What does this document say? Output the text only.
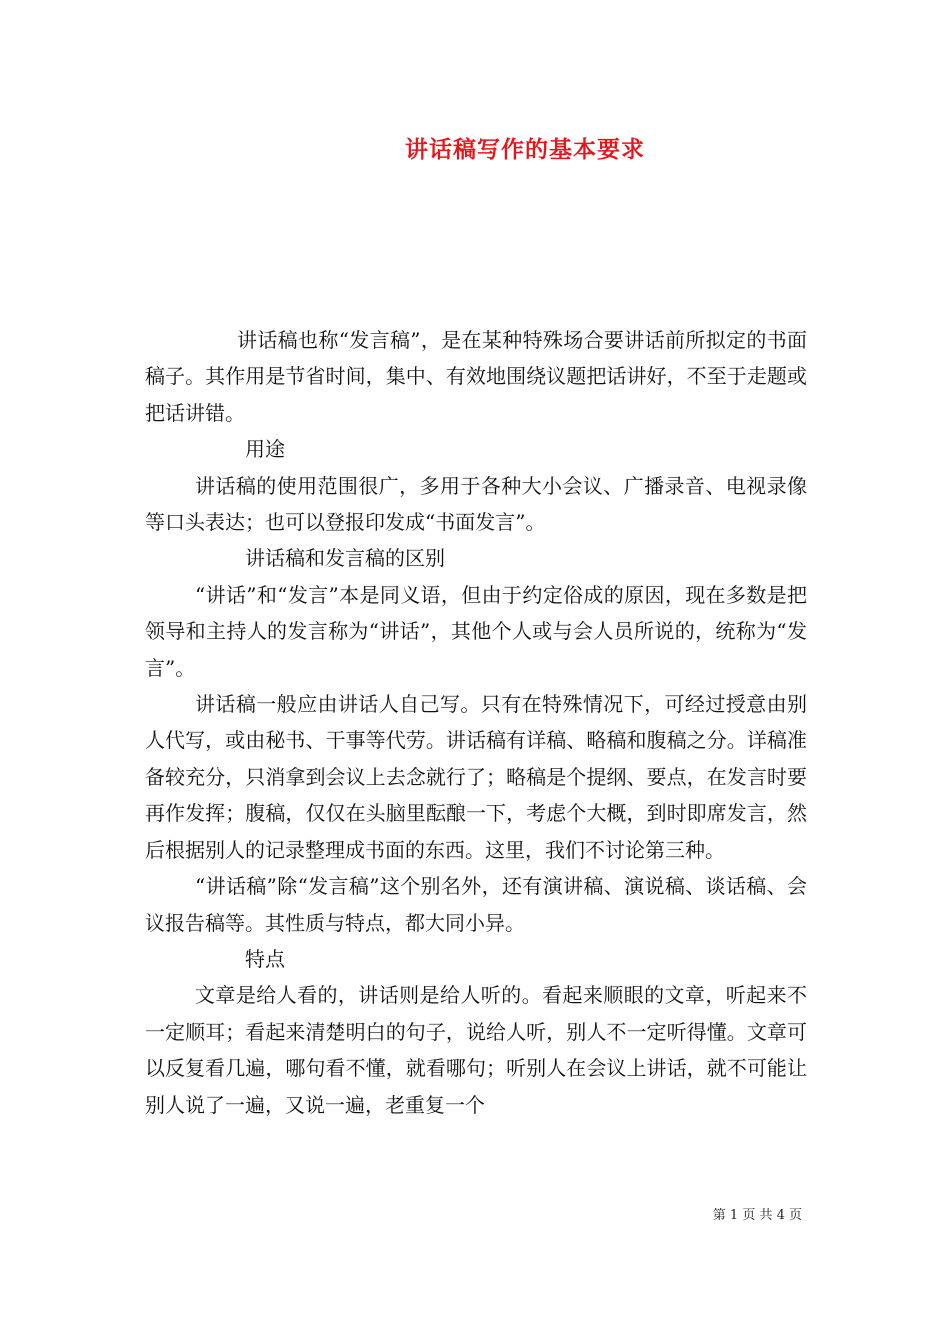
讲话稿写作的基本要求

讲话稿也称“发言稿”，是在某种特殊场合要讲话前所拟定的书面稿子。其作用是节省时间，集中、有效地围绕议题把话讲好，不至于走题或把话讲错。

用途

讲话稿的使用范围很广，多用于各种大小会议、广播录音、电视录像等口头表达；也可以登报印发成“书面发言”。

讲话稿和发言稿的区别

“讲话”和“发言”本是同义语，但由于约定俗成的原因，现在多数是把领导和主持人的发言称为“讲话”，其他个人或与会人员所说的，统称为“发言”。

讲话稿一般应由讲话人自己写。只有在特殊情况下，可经过授意由别人代写，或由秘书、干事等代劳。讲话稿有详稿、略稿和腹稿之分。详稿准备较充分，只消拿到会议上去念就行了；略稿是个提纲、要点，在发言时要再作发挥；腹稿，仅仅在头脑里酝酿一下，考虑个大概，到时即席发言，然后根据别人的记录整理成书面的东西。这里，我们不讨论第三种。

“讲话稿”除“发言稿”这个别名外，还有演讲稿、演说稿、谈话稿、会议报告稿等。其性质与特点，都大同小异。

特点

文章是给人看的，讲话则是给人听的。看起来顺眼的文章，听起来不一定顺耳；看起来清楚明白的句子，说给人听，别人不一定听得懂。文章可以反复看几遍，哪句看不懂，就看哪句；听别人在会议上讲话，就不可能让别人说了一遍，又说一遍，老重复一个

第 1 页 共 4 页
